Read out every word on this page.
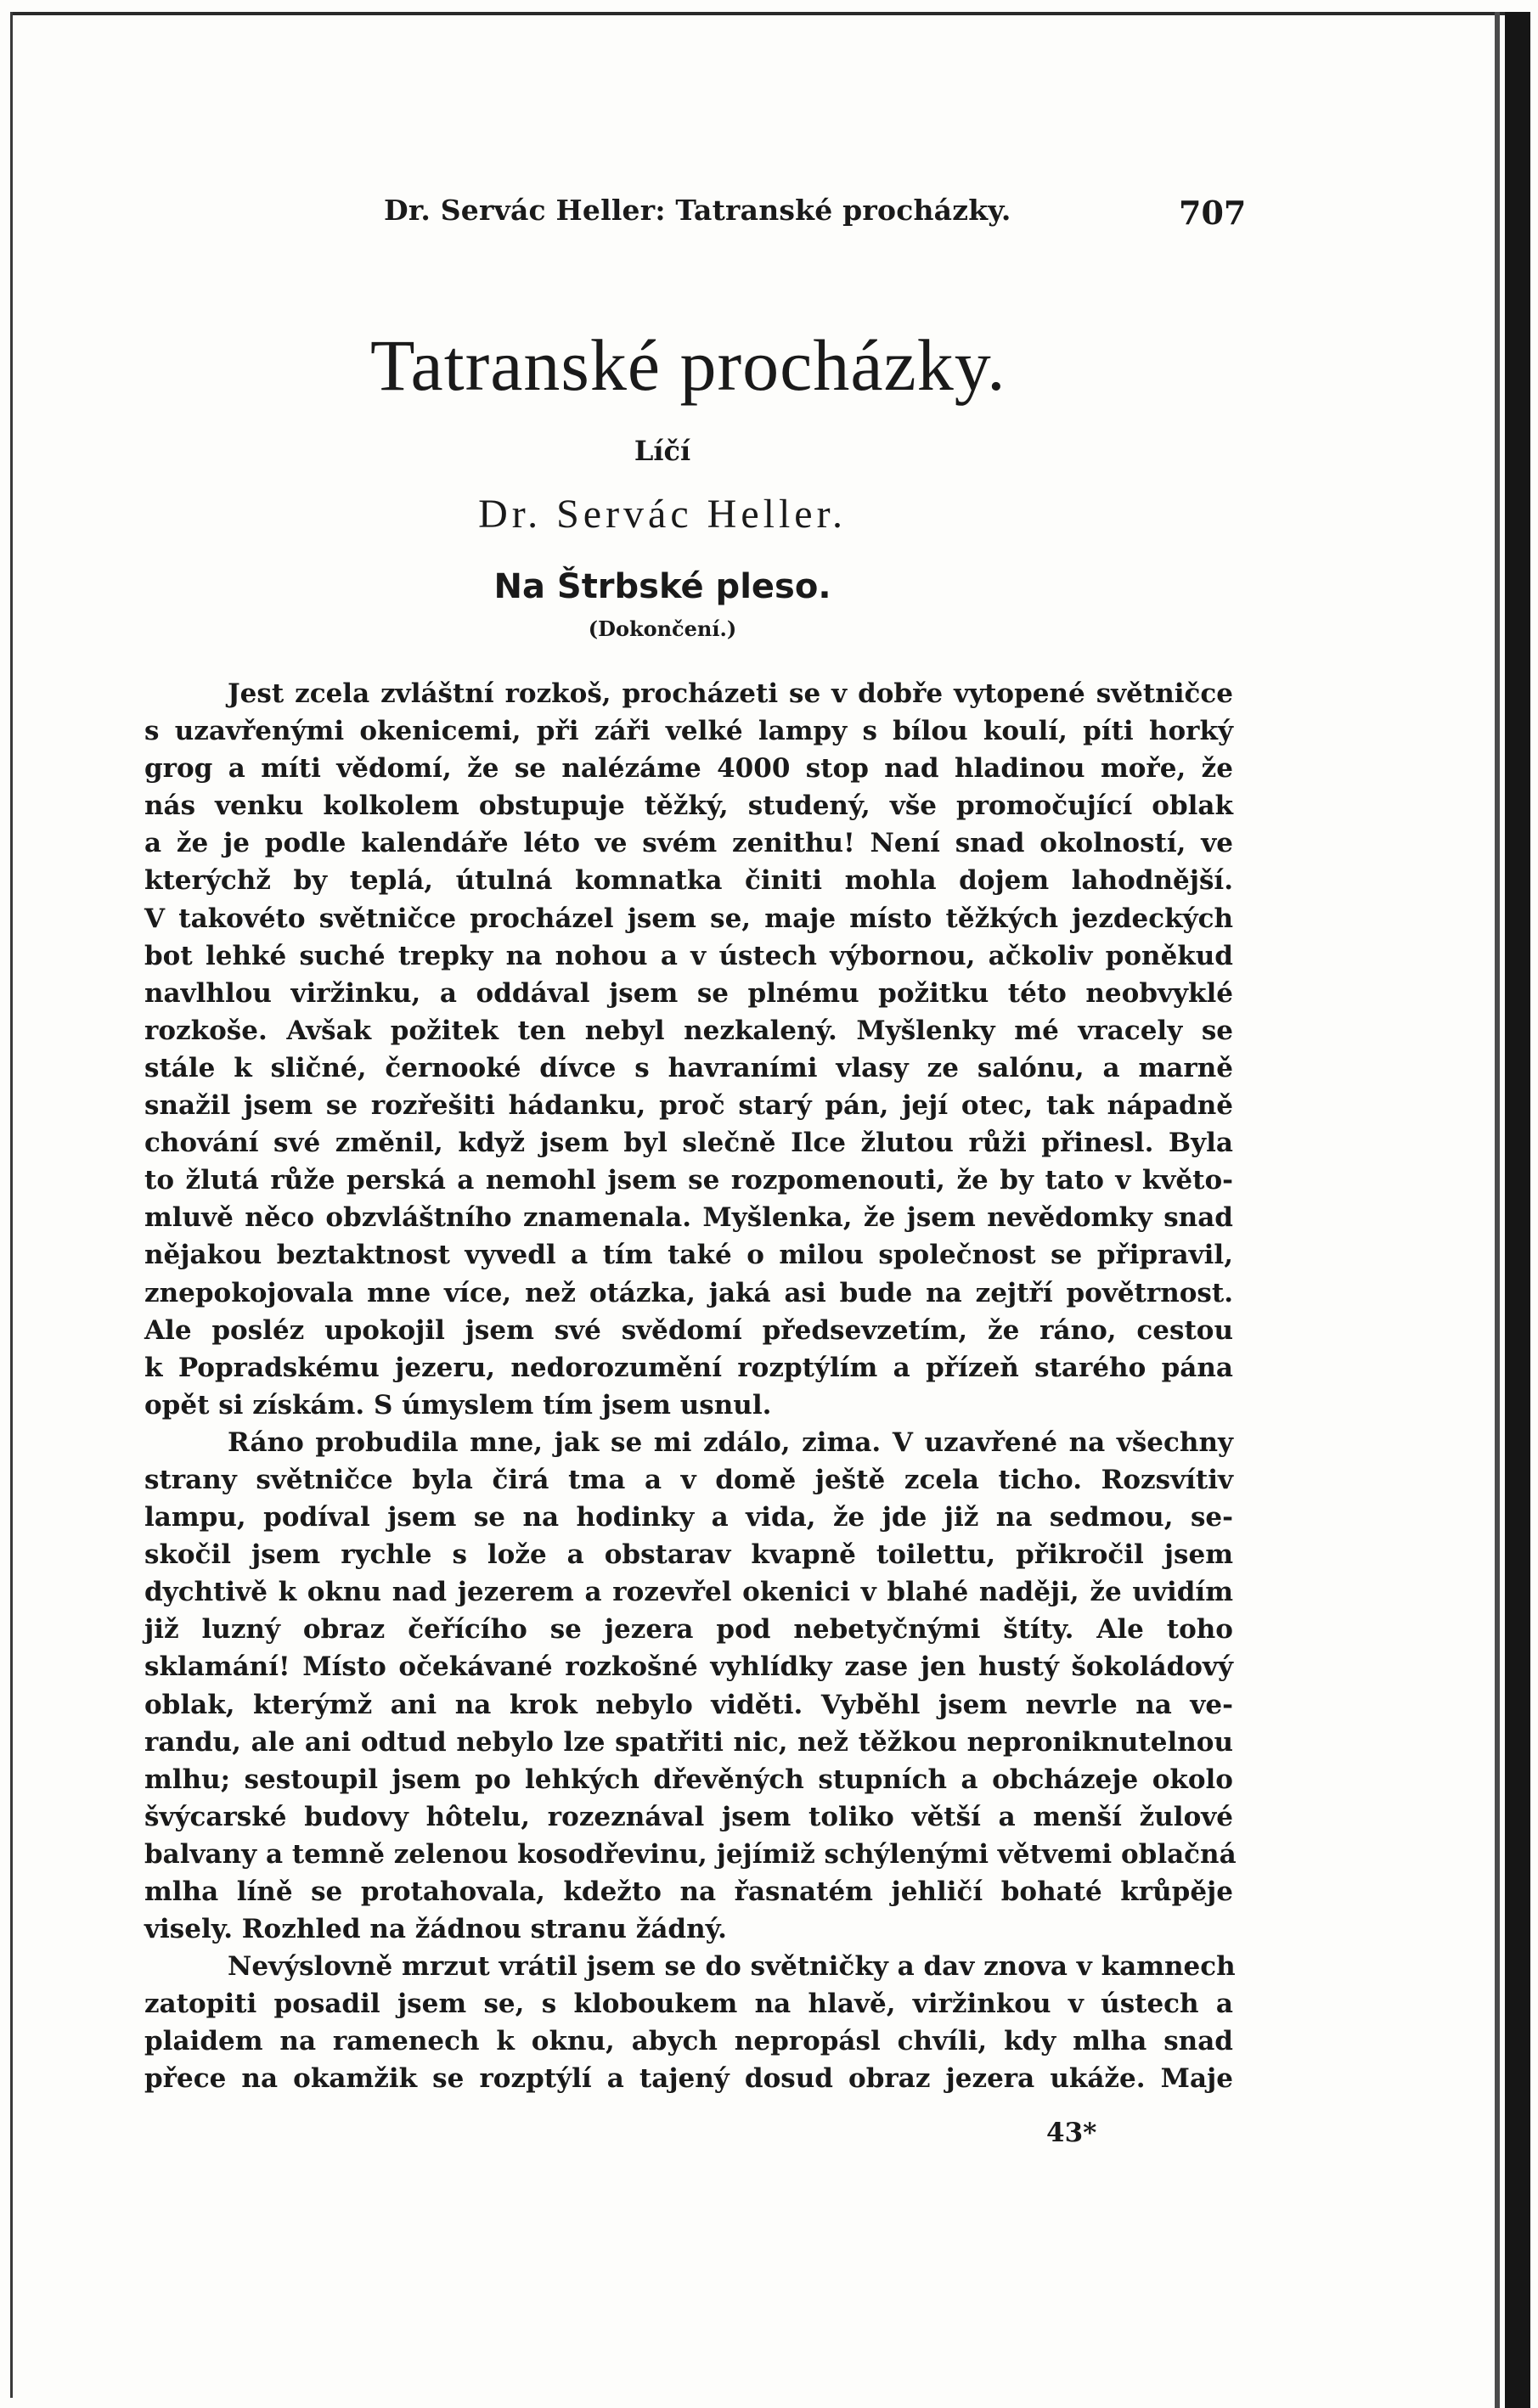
Dr. Servác Heller: Tatranské procházky.	707
Tatranské procházky.
Líčí
Dr. Servác Heller.
Na Štrbské pleso.
(Dokončení.)
Jest zcela zvláštní rozkoš, procházeti se v dobře vytopené světničce
s uzavřenými okenicemi, při záři velké lampy s bílou koulí, píti horký
grog a míti vědomí, že se nalézáme 4000 stop nad hladinou moře, že
nás venku kolkolem obstupuje těžký, studený, vše promočující oblak
a že je podle kalendáře léto ve svém zenithu! Není snad okolností, ve
kterýchž by teplá, útulná komnatka činiti mohla dojem lahodnější.
V takovéto světničce procházel jsem se, maje místo těžkých jezdeckých
bot lehké suché trepky na nohou a v ústech výbornou, ačkoliv poněkud
navlhlou viržinku, a oddával jsem se plnému požitku této neobvyklé
rozkoše. Avšak požitek ten nebyl nezkalený. Myšlenky mé vracely se
stále k sličné, černooké dívce s havraními vlasy ze salónu, a marně
snažil jsem se rozřešiti hádanku, proč starý pán, její otec, tak nápadně
chování své změnil, když jsem byl slečně Ilce žlutou růži přinesl. Byla
to žlutá růže perská a nemohl jsem se rozpomenouti, že by tato v květo-
mluvě něco obzvláštního znamenala. Myšlenka, že jsem nevědomky snad
nějakou beztaktnost vyvedl a tím také o milou společnost se připravil,
znepokojovala mne více, než otázka, jaká asi bude na zejtří povětrnost.
Ale posléz upokojil jsem své svědomí předsevzetím, že ráno, cestou
k Popradskému jezeru, nedorozumění rozptýlím a přízeň starého pána
opět si získám. S úmyslem tím jsem usnul.
Ráno probudila mne, jak se mi zdálo, zima. V uzavřené na všechny
strany světničce byla čirá tma a v domě ještě zcela ticho. Rozsvítiv
lampu, podíval jsem se na hodinky a vida, že jde již na sedmou, se-
skočil jsem rychle s lože a obstarav kvapně toilettu, přikročil jsem
dychtivě k oknu nad jezerem a rozevřel okenici v blahé naději, že uvidím
již luzný obraz čeřícího se jezera pod nebetyčnými štíty. Ale toho
sklamání! Místo očekávané rozkošné vyhlídky zase jen hustý šokoládový
oblak, kterýmž ani na krok nebylo viděti. Vyběhl jsem nevrle na ve-
randu, ale ani odtud nebylo lze spatřiti nic, než těžkou neproniknutelnou
mlhu; sestoupil jsem po lehkých dřevěných stupních a obcházeje okolo
švýcarské budovy hôtelu, rozeznával jsem toliko větší a menší žulové
balvany a temně zelenou kosodřevinu, jejímiž schýlenými větvemi oblačná
mlha líně se protahovala, kdežto na řasnatém jehličí bohaté krůpěje
visely. Rozhled na žádnou stranu žádný.
Nevýslovně mrzut vrátil jsem se do světničky a dav znova v kamnech
zatopiti posadil jsem se, s kloboukem na hlavě, viržinkou v ústech a
plaidem na ramenech k oknu, abych nepropásl chvíli, kdy mlha snad
přece na okamžik se rozptýlí a tajený dosud obraz jezera ukáže. Maje
43*
